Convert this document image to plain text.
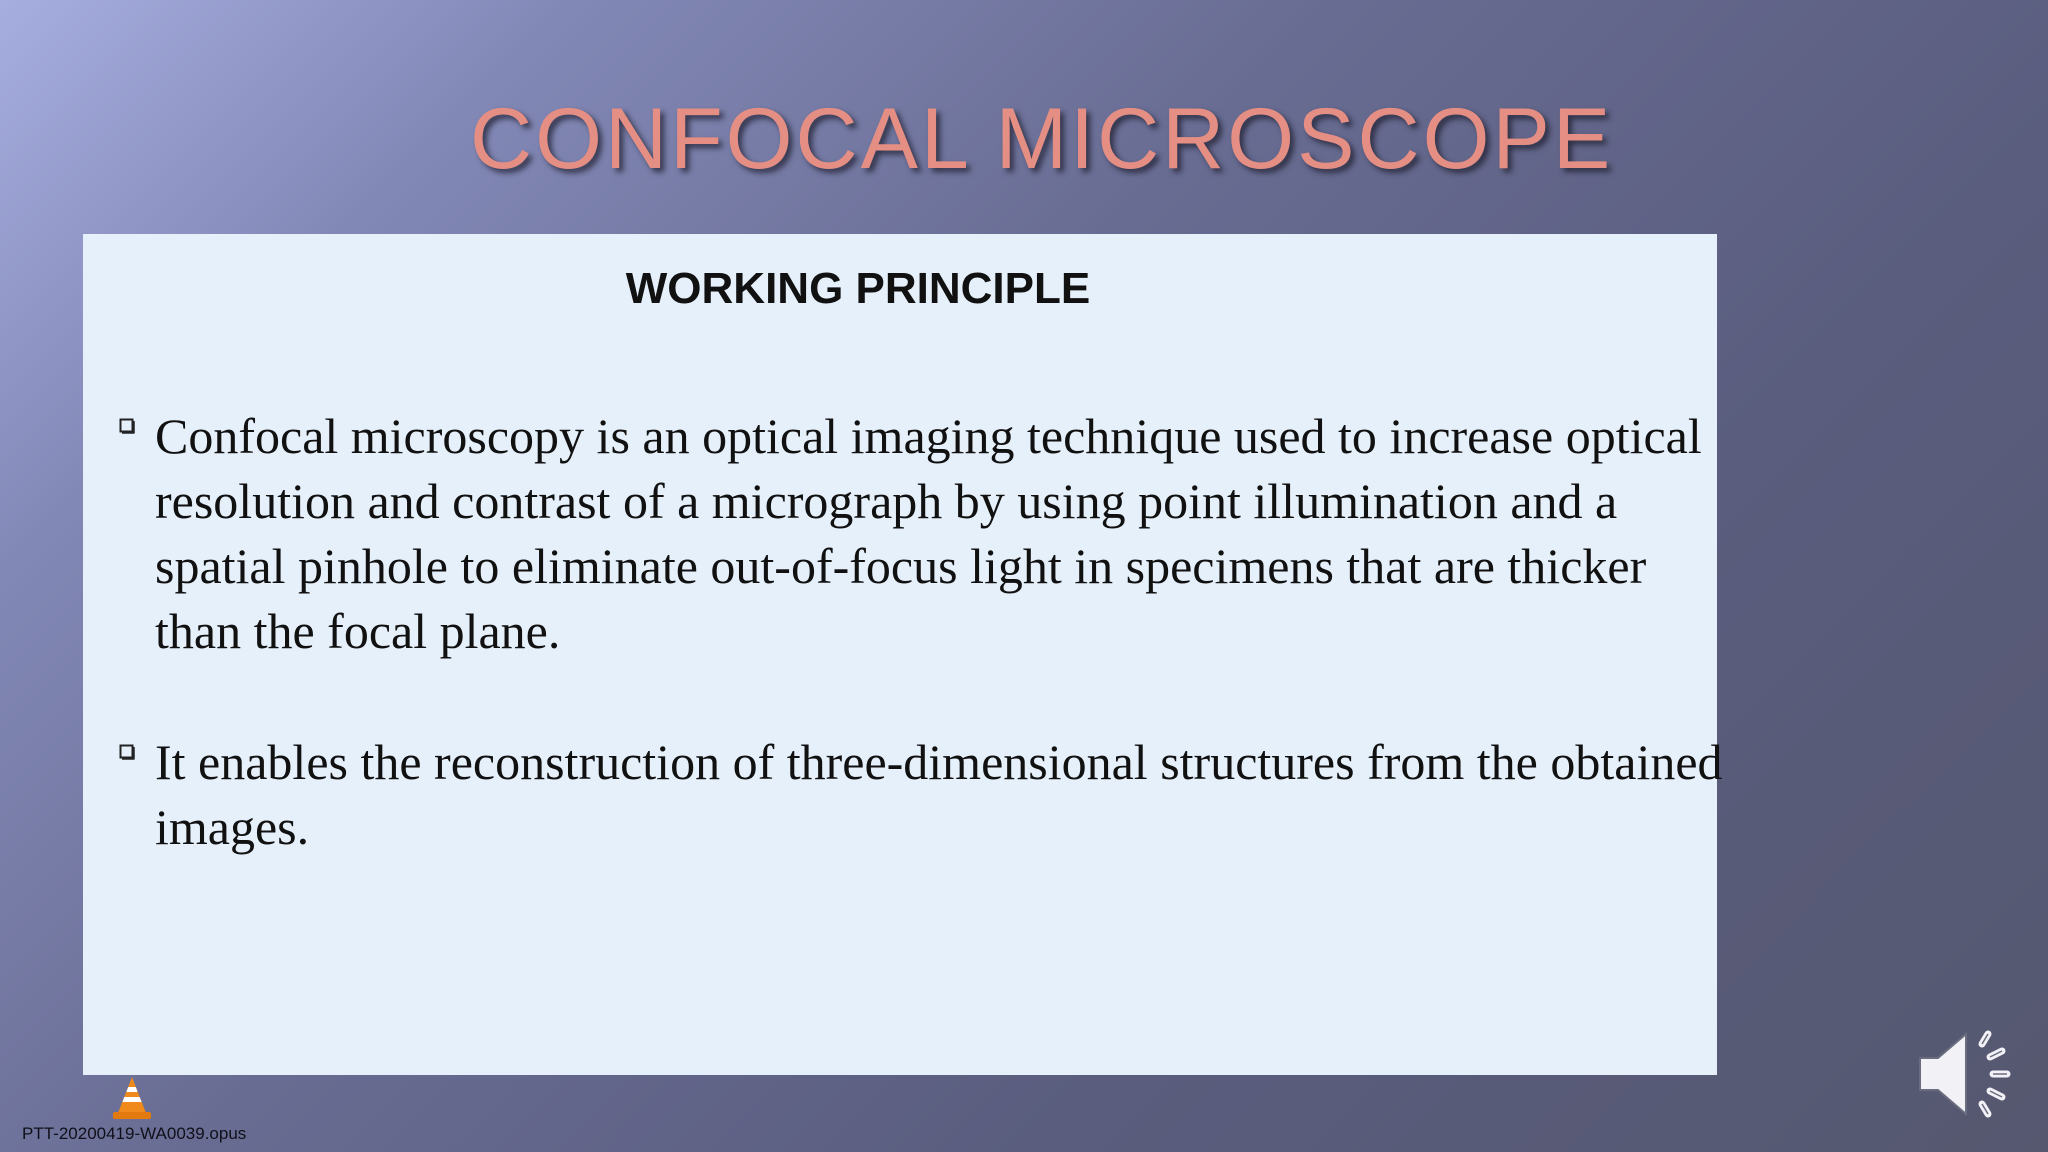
CONFOCAL MICROSCOPE
WORKING PRINCIPLE

Confocal microscopy is an optical imaging technique used to increase optical resolution and contrast of a micrograph by using point illumination and a spatial pinhole to eliminate out-of-focus light in specimens that are thicker than the focal plane.

It enables the reconstruction of three-dimensional structures from the obtained images.

PTT-20200419-WA0039.opus
